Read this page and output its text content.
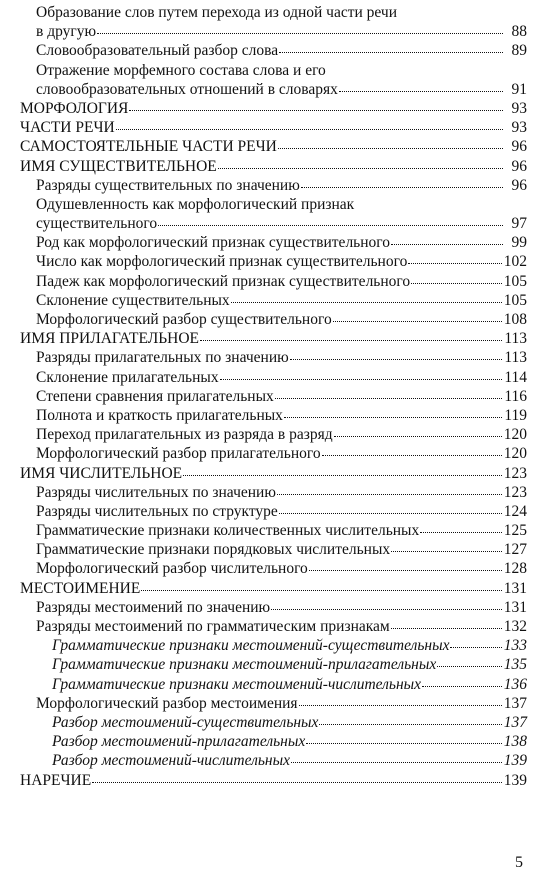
Образование слов путем перехода из одной части речи
в другую	88
Словообразовательный разбор слова	89
Отражение морфемного состава слова и его
словообразовательных отношений в словарях	91
МОРФОЛОГИЯ	93
ЧАСТИ РЕЧИ	93
САМОСТОЯТЕЛЬНЫЕ ЧАСТИ РЕЧИ	96
ИМЯ СУЩЕСТВИТЕЛЬНОЕ	96
Разряды существительных по значению	96
Одушевленность как морфологический признак
существительного	97
Род как морфологический признак существительного	99
Число как морфологический признак существительного	102
Падеж как морфологический признак существительного	105
Склонение существительных	105
Морфологический разбор существительного	108
ИМЯ ПРИЛАГАТЕЛЬНОЕ	113
Разряды прилагательных по значению	113
Склонение прилагательных	114
Степени сравнения прилагательных	116
Полнота и краткость прилагательных	119
Переход прилагательных из разряда в разряд	120
Морфологический разбор прилагательного	120
ИМЯ ЧИСЛИТЕЛЬНОЕ	123
Разряды числительных по значению	123
Разряды числительных по структуре	124
Грамматические признаки количественных числительных	125
Грамматические признаки порядковых числительных	127
Морфологический разбор числительного	128
МЕСТОИМЕНИЕ	131
Разряды местоимений по значению	131
Разряды местоимений по грамматическим признакам	132
Грамматические признаки местоимений-существительных	133
Грамматические признаки местоимений-прилагательных	135
Грамматические признаки местоимений-числительных	136
Морфологический разбор местоимения	137
Разбор местоимений-существительных	137
Разбор местоимений-прилагательных	138
Разбор местоимений-числительных	139
НАРЕЧИЕ	139
5
